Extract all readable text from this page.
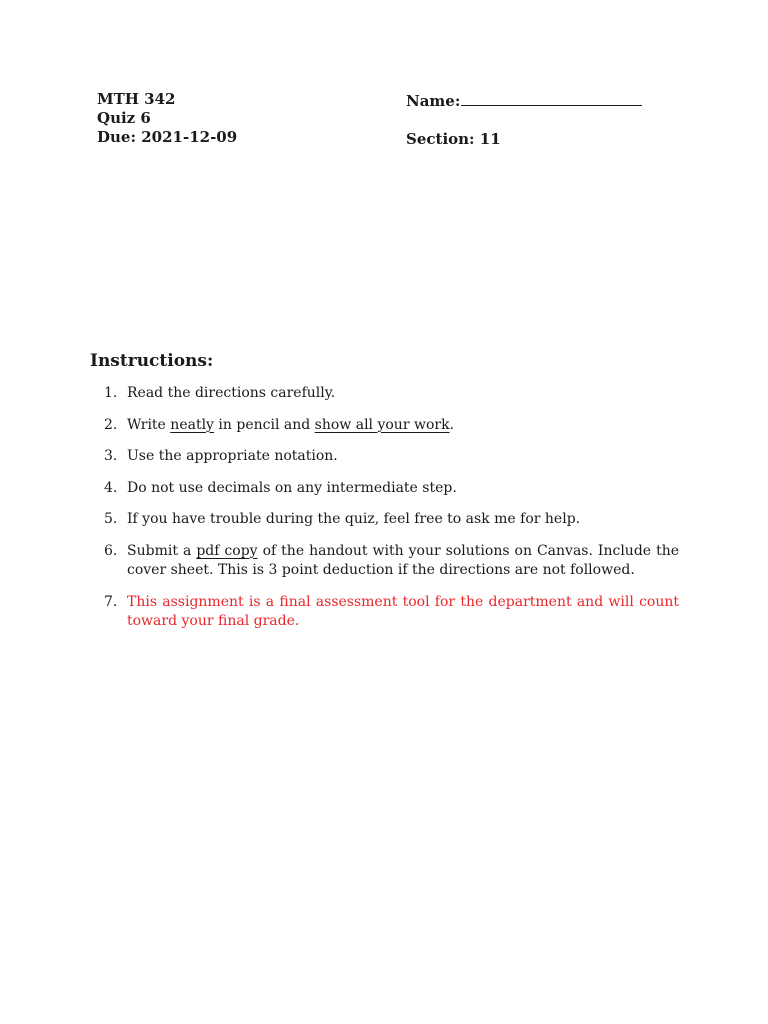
MTH 342
Quiz 6
Due: 2021-12-09
Name:
Section: 11
Instructions:
1. Read the directions carefully.
2. Write neatly in pencil and show all your work.
3. Use the appropriate notation.
4. Do not use decimals on any intermediate step.
5. If you have trouble during the quiz, feel free to ask me for help.
6. Submit a pdf copy of the handout with your solutions on Canvas. Include the cover sheet. This is 3 point deduction if the directions are not followed.
7. This assignment is a final assessment tool for the department and will count toward your final grade.
